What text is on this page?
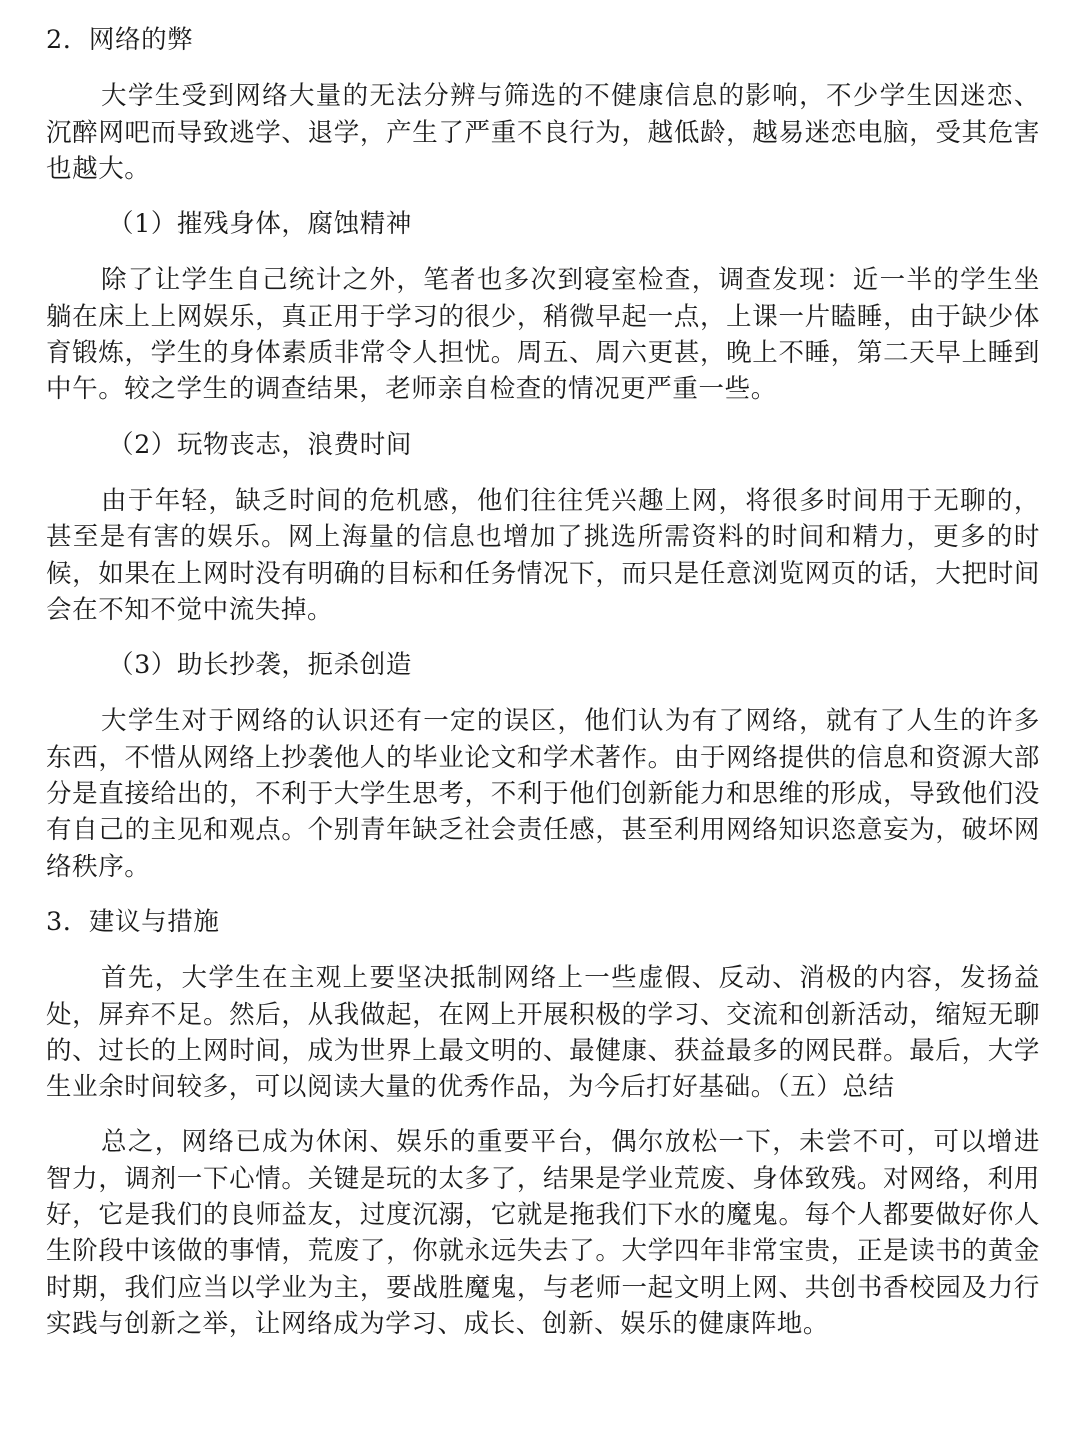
2．网络的弊

大学生受到网络大量的无法分辨与筛选的不健康信息的影响，不少学生因迷恋、沉醉网吧而导致逃学、退学，产生了严重不良行为，越低龄，越易迷恋电脑，受其危害也越大。

（1）摧残身体，腐蚀精神

除了让学生自己统计之外，笔者也多次到寝室检查，调查发现：近一半的学生坐躺在床上上网娱乐，真正用于学习的很少，稍微早起一点，上课一片瞌睡，由于缺少体育锻炼，学生的身体素质非常令人担忧。周五、周六更甚，晚上不睡，第二天早上睡到中午。较之学生的调查结果，老师亲自检查的情况更严重一些。

（2）玩物丧志，浪费时间

由于年轻，缺乏时间的危机感，他们往往凭兴趣上网，将很多时间用于无聊的，甚至是有害的娱乐。网上海量的信息也增加了挑选所需资料的时间和精力，更多的时候，如果在上网时没有明确的目标和任务情况下，而只是任意浏览网页的话，大把时间会在不知不觉中流失掉。

（3）助长抄袭，扼杀创造

大学生对于网络的认识还有一定的误区，他们认为有了网络，就有了人生的许多东西，不惜从网络上抄袭他人的毕业论文和学术著作。由于网络提供的信息和资源大部分是直接给出的，不利于大学生思考，不利于他们创新能力和思维的形成，导致他们没有自己的主见和观点。个别青年缺乏社会责任感，甚至利用网络知识恣意妄为，破坏网络秩序。

3．建议与措施

首先，大学生在主观上要坚决抵制网络上一些虚假、反动、消极的内容，发扬益处，屏弃不足。然后，从我做起，在网上开展积极的学习、交流和创新活动，缩短无聊的、过长的上网时间，成为世界上最文明的、最健康、获益最多的网民群。最后，大学生业余时间较多，可以阅读大量的优秀作品，为今后打好基础。（五）总结

总之，网络已成为休闲、娱乐的重要平台，偶尔放松一下，未尝不可，可以增进智力，调剂一下心情。关键是玩的太多了，结果是学业荒废、身体致残。对网络，利用好，它是我们的良师益友，过度沉溺，它就是拖我们下水的魔鬼。每个人都要做好你人生阶段中该做的事情，荒废了，你就永远失去了。大学四年非常宝贵，正是读书的黄金时期，我们应当以学业为主，要战胜魔鬼，与老师一起文明上网、共创书香校园及力行实践与创新之举，让网络成为学习、成长、创新、娱乐的健康阵地。
